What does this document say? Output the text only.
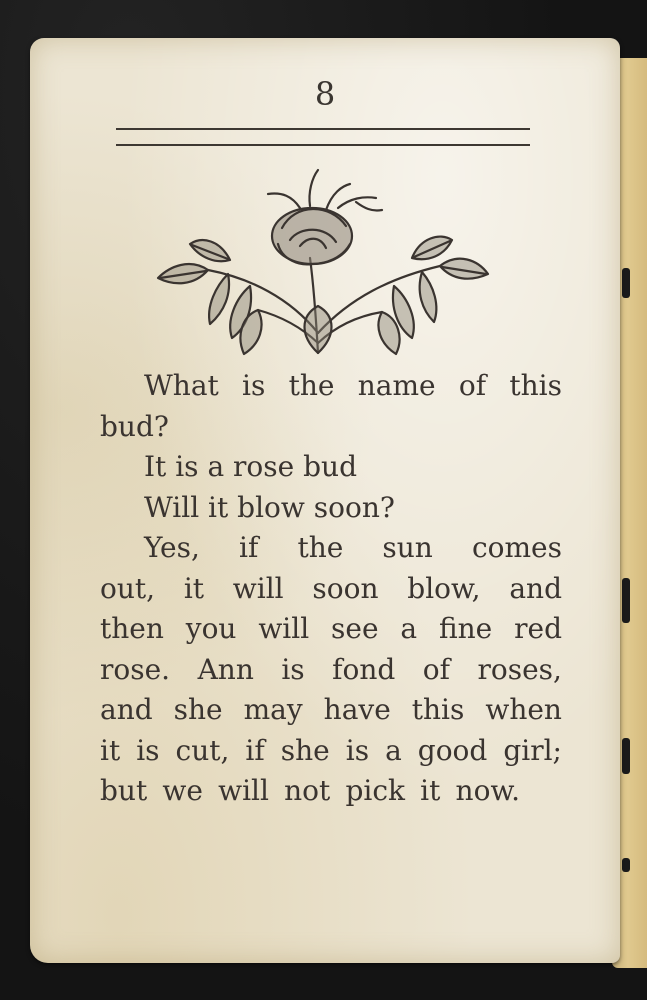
8
What is the name of this
bud?
It is a rose bud
Will it blow soon?
Yes, if the sun comes
out, it will soon blow, and
then you will see a fine red
rose. Ann is fond of roses,
and she may have this when
it is cut, if she is a good girl;
but we will not pick it now.
